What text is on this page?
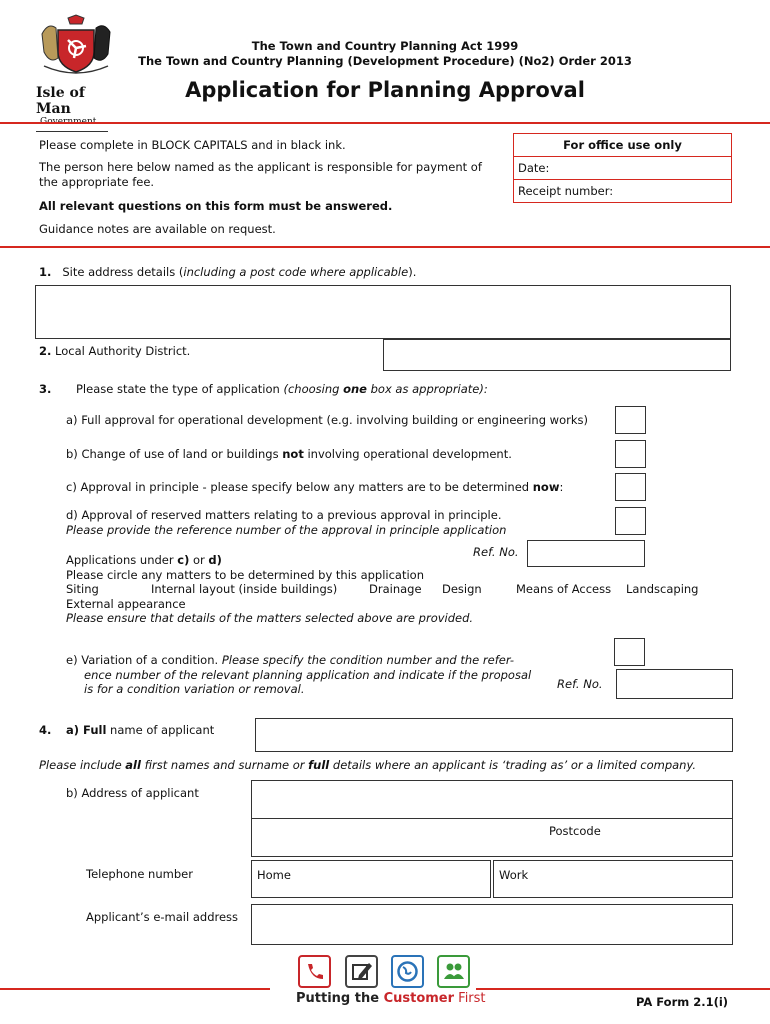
Isle of Man
The Town and Country Planning Act 1999
The Town and Country Planning (Development Procedure) (No2) Order 2013
Application for Planning Approval
Please complete in BLOCK CAPITALS and in black ink.
The person here below named as the applicant is responsible for payment of the appropriate fee.
All relevant questions on this form must be answered.
Guidance notes are available on request.
For office use only
Date:
Receipt number:
1. Site address details (including a post code where applicable).
2. Local Authority District.
3. Please state the type of application (choosing one box as appropriate):
a) Full approval for operational development (e.g. involving building or engineering works)
b) Change of use of land or buildings not involving operational development.
c) Approval in principle - please specify below any matters are to be determined now:
d) Approval of reserved matters relating to a previous approval in principle.
Please provide the reference number of the approval in principle application
Ref. No.
Applications under c) or d)
Please circle any matters to be determined by this application
Siting	Internal layout (inside buildings)	Drainage Design	Means of Access Landscaping
External appearance
Please ensure that details of the matters selected above are provided.
e) Variation of a condition. Please specify the condition number and the refer-
ence number of the relevant planning application and indicate if the proposal
is for a condition variation or removal.	Ref. No.
4. a) Full name of applicant
Please include all first names and surname or full details where an applicant is ‘trading as’ or a limited company.
b) Address of applicant
Postcode
Telephone number	Home	Work
Applicant’s e-mail address
Putting the Customer First	PA Form 2.1(i)
